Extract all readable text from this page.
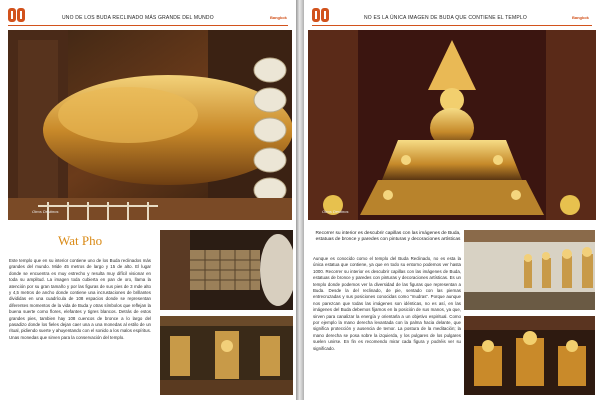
UNO DE LOS BUDA RECLINADO MÁS GRANDE DEL MUNDO	Bangkok
Otros Destinos
Wat Pho
Este templo que en su interior contiene uno de los Buda reclinados más grandes del mundo. Mide 45 metros de largo y 15 de alto. El lugar donde se encuentra es muy estrecho y resulta muy difícil visionar en toda su amplitud. La imagen toda cubierta en pan de oro, llama la atención por su gran tamaño y por las figuras de sus pies de 3 mde alto y 4,5 metros de ancho donde contiene una incrustaciones de brillantes divididas en una cuadrícula de 108 espacios donde se representan diferentes momentos de la vida de Buda y otras símbolos que reflejan la buena suerte como flores, elefantes y tigres blancos. Detrás de estos grandes pies, tambien hay 108 cuencos de bronce a lo largo del pasadizo donde los fieles dejan caer una a una monedas al estilo de un ritual, pidiendo suerte y ahuyentando con el sonido a los malos espíritus. Unas monedas que sirven para la conservación del templo.
NO ES LA ÚNICA IMAGEN DE BUDA QUE CONTIENE EL TEMPLO	Bangkok
Otros Destinos
Recorrer su interior es descubrir capillas con las imágenes de Buda, estatuas de bronce y paredes con pinturas y decoraciones artísticas
Aunque es conocido como el templo del Buda Reclinado, no es esta la única estatua que contiene, ya que en todo su entorno podemos ver hasta 1000. Recorrer su interior es descubrir capillas con las imágenes de Buda, estatuas de bronce y paredes con pinturas y decoraciones artísticas. Es un templo donde podemos ver la diversidad de las figuras que representan a Buda. Desde la del reclinado, de pie, sentado con las piernas entrecruzadas y sus posiciones conocidas como “mudras”. Porque aunque nos parezcan que todas las imágenes son idénticas, no es así, en las imágenes del Buda debemos fijarnos en la posición de sus manos, ya que, sirven para canalizar la energía y orientarla a un objetivo espiritual. Como por ejemplo la mano derecha levantada con la palma hacia delante, que significa protección y ausencia de temor. La postura de la meditación; la mano derecha se posa sobre la izquierda, y los pulgares de los pulgares suelen unirse. En fin es recomendo mirar cada figura y podréis ver su significado.
